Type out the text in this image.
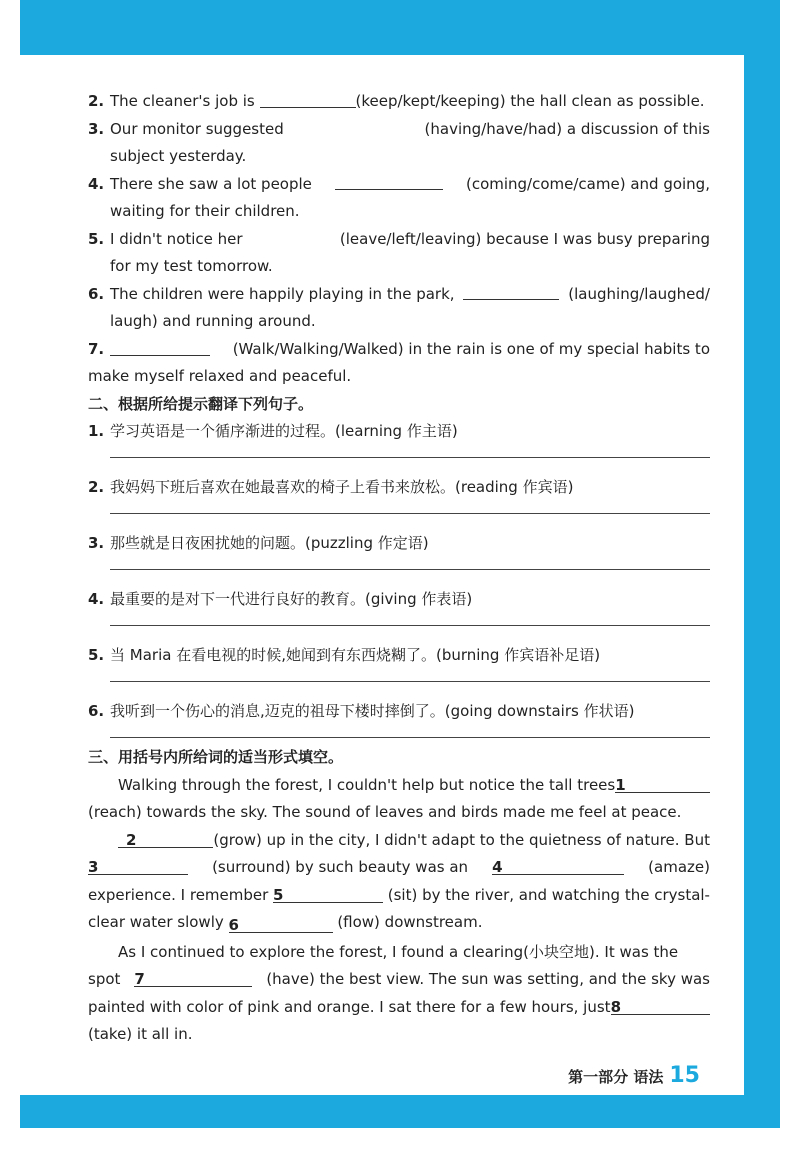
2. The cleaner's job is	(keep/kept/keeping) the hall clean as possible.
3. Our monitor suggested	(having/have/had) a discussion of this
subject yesterday.
4. There she saw a lot people	(coming/come/came) and going,
waiting for their children.
5. I didn't notice her	(leave/left/leaving) because I was busy preparing
for my test tomorrow.
6. The children were happily playing in the park,	(laughing/laughed/
laugh) and running around.
7.	(Walk/Walking/Walked) in the rain is one of my special habits to
make myself relaxed and peaceful.
二、根据所给提示翻译下列句子。
1. 学习英语是一个循序渐进的过程。(learning 作主语)
2. 我妈妈下班后喜欢在她最喜欢的椅子上看书来放松。(reading 作宾语)
3. 那些就是日夜困扰她的问题。(puzzling 作定语)
4. 最重要的是对下一代进行良好的教育。(giving 作表语)
5. 当 Maria 在看电视的时候,她闻到有东西烧糊了。(burning 作宾语补足语)
6. 我听到一个伤心的消息,迈克的祖母下楼时摔倒了。(going downstairs 作状语)
三、用括号内所给词的适当形式填空。
Walking through the forest, I couldn't help but notice the tall trees 1
(reach) towards the sky. The sound of leaves and birds made me feel at peace.
2	(grow) up in the city, I didn't adapt to the quietness of nature. But
3	(surround) by such beauty was an 4	(amaze)
experience. I remember 5	(sit) by the river, and watching the crystal-
clear water slowly 6	(flow) downstream.
As I continued to explore the forest, I found a clearing(小块空地). It was the
spot 7	(have) the best view. The sun was setting, and the sky was
painted with color of pink and orange. I sat there for a few hours, just 8
(take) it all in.
第一部分 语法 15
